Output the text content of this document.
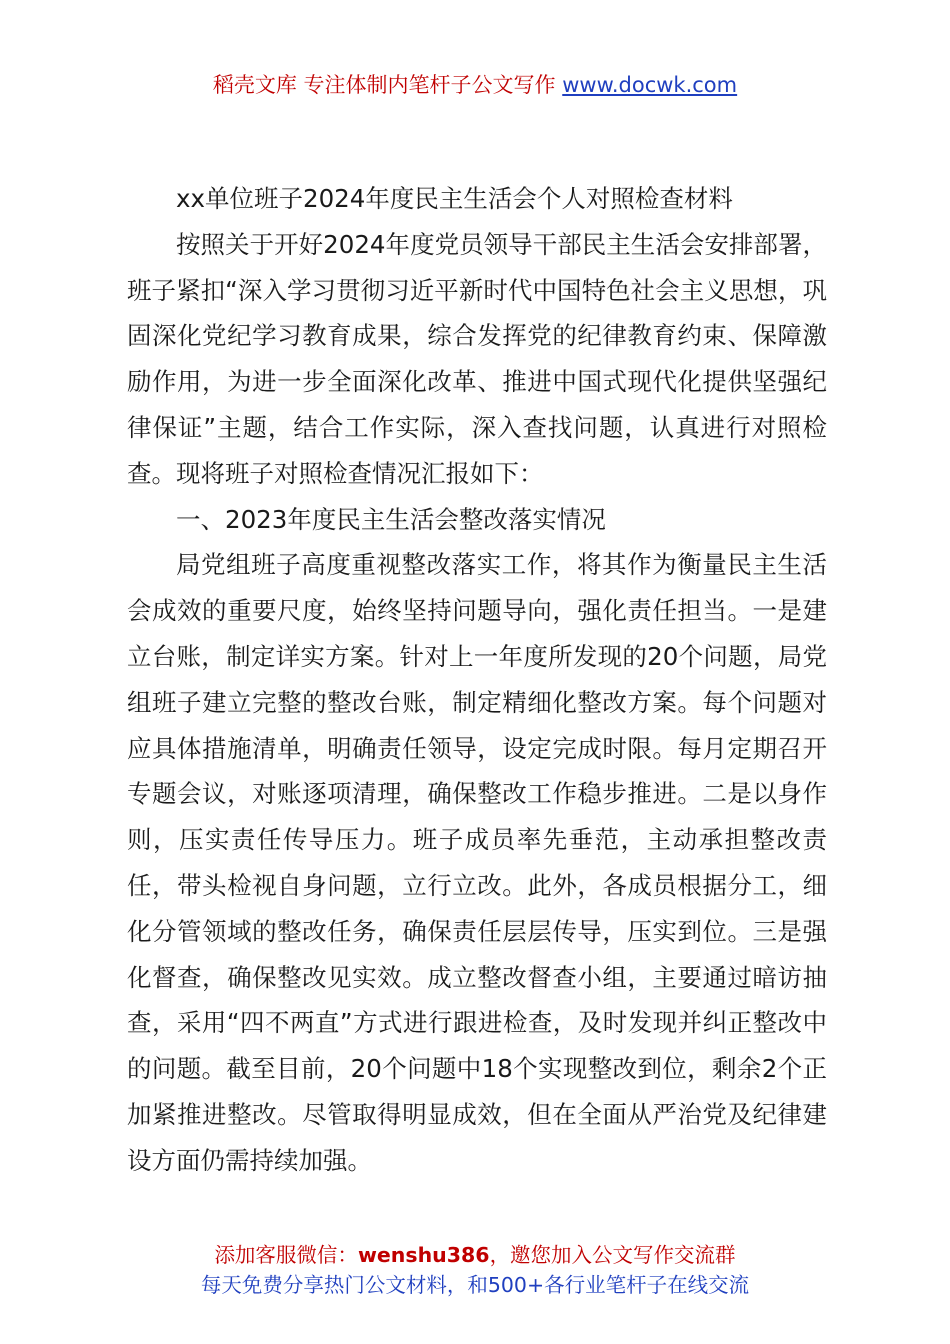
稻壳文库 专注体制内笔杆子公文写作 www.docwk.com

xx单位班子2024年度民主生活会个人对照检查材料

按照关于开好2024年度党员领导干部民主生活会安排部署，班子紧扣“深入学习贯彻习近平新时代中国特色社会主义思想，巩固深化党纪学习教育成果，综合发挥党的纪律教育约束、保障激励作用，为进一步全面深化改革、推进中国式现代化提供坚强纪律保证”主题，结合工作实际，深入查找问题，认真进行对照检查。现将班子对照检查情况汇报如下：

一、2023年度民主生活会整改落实情况

局党组班子高度重视整改落实工作，将其作为衡量民主生活会成效的重要尺度，始终坚持问题导向，强化责任担当。一是建立台账，制定详实方案。针对上一年度所发现的20个问题，局党组班子建立完整的整改台账，制定精细化整改方案。每个问题对应具体措施清单，明确责任领导，设定完成时限。每月定期召开专题会议，对账逐项清理，确保整改工作稳步推进。二是以身作则，压实责任传导压力。班子成员率先垂范，主动承担整改责任，带头检视自身问题，立行立改。此外，各成员根据分工，细化分管领域的整改任务，确保责任层层传导，压实到位。三是强化督查，确保整改见实效。成立整改督查小组，主要通过暗访抽查，采用“四不两直”方式进行跟进检查，及时发现并纠正整改中的问题。截至目前，20个问题中18个实现整改到位，剩余2个正加紧推进整改。尽管取得明显成效，但在全面从严治党及纪律建设方面仍需持续加强。

添加客服微信：wenshu386，邀您加入公文写作交流群
每天免费分享热门公文材料，和500+各行业笔杆子在线交流
